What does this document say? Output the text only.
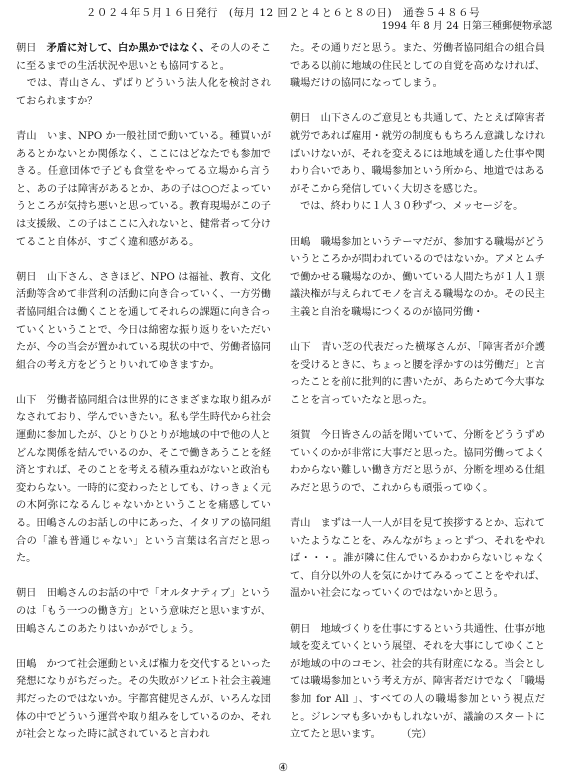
２０２４年５月１６日発行　(毎月 12 回２と４と６と８の日)　通巻５４８６号
1994 年 8 月 24 日第三種郵便物承認

朝日　矛盾に対して、白か黒かではなく、その人のそこに至るまでの生活状況や思いとも協同すると。

　では、青山さん、ずばりどういう法人化を検討されておられますか？

青山　いま、NPO か一般社団で動いている。種買いがあるとかないとか関係なく、ここにはどなたでも参加できる。任意団体で子ども食堂をやってる立場から言うと、あの子は障害があるとか、あの子は○○だよっていうところが気持ち悪いと思っている。教育現場がこの子は支援級、この子はここに入れないと、健常者って分けてること自体が、すごく違和感がある。

朝日　山下さん、さきほど、NPO は福祉、教育、文化活動等含めて非営利の活動に向き合っていく、一方労働者協同組合は働くことを通してそれらの課題に向き合っていくということで、今日は綿密な振り返りをいただいたが、今の当会が置かれている現状の中で、労働者協同組合の考え方をどうとりいれてゆきますか。

山下　労働者協同組合は世界的にさまざまな取り組みがなされており、学んでいきたい。私も学生時代から社会運動に参加したが、ひとりひとりが地域の中で他の人とどんな関係を結んでいるのか、そこで働きあうことを経済とすれば、そのことを考える積み重ねがないと政治も変わらない。一時的に変わったとしても、けっきょく元の木阿弥になるんじゃないかということを痛感している。田嶋さんのお話しの中にあった、イタリアの協同組合の「誰も普通じゃない」という言葉は名言だと思った。

朝日　田嶋さんのお話の中で「オルタナティブ」というのは「もう一つの働き方」という意味だと思いますが、田嶋さんこのあたりはいかがでしょう。

田嶋　かつて社会運動といえば権力を交代するといった発想になりがちだった。その失敗がソビエト社会主義連邦だったのではないか。宇都宮健児さんが、いろんな団体の中でどういう運営や取り組みをしているのか、それが社会となった時に試されていると言われ

た。その通りだと思う。また、労働者協同組合の組合員である以前に地域の住民としての自覚を高めなければ、職場だけの協同になってしまう。

朝日　山下さんのご意見とも共通して、たとえば障害者就労であれば雇用・就労の制度ももちろん意識しなければいけないが、それを変えるには地域を通した仕事や関わり合いであり、職場参加という所から、地道ではあるがそこから発信していく大切さを感じた。

　では、終わりに１人３０秒ずつ、メッセージを。

田嶋　職場参加というテーマだが、参加する職場がどういうところかが問われているのではないか。アメとムチで働かせる職場なのか、働いている人間たちが１人１票議決権が与えられてモノを言える職場なのか。その民主主義と自治を職場につくるのが協同労働・

山下　青い芝の代表だった横塚さんが、「障害者が介護を受けるときに、ちょっと腰を浮かすのは労働だ」と言ったことを前に批判的に書いたが、あらためて今大事なことを言っていたなと思った。

須賀　今日皆さんの話を聞いていて、分断をどううずめていくのかが非常に大事だと思った。協同労働ってよくわからない難しい働き方だと思うが、分断を埋める仕組みだと思うので、これからも頑張ってゆく。

青山　まずは一人一人が目を見て挨拶するとか、忘れていたようなことを、みんながちょっとずつ、それをやれば・・・。誰が隣に住んでいるかわからないじゃなくて、自分以外の人を気にかけてみるってことをやれば、温かい社会になっていくのではないかと思う。

朝日　地域づくりを仕事にするという共通性、仕事が地域を変えていくという展望、それを大事にしてゆくことが地域の中のコモン、社会的共有財産になる。当会としては職場参加という考え方が、障害者だけでなく「職場参加 for All 」、すべての人の職場参加という視点だと。ジレンマも多いかもしれないが、議論のスタートに立てたと思います。　　　（完）

④
